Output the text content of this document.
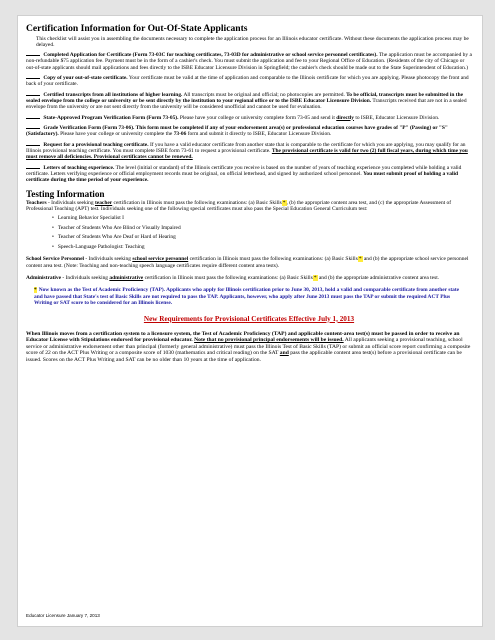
Certification Information for Out-Of-State Applicants

This checklist will assist you in assembling the documents necessary to complete the application process for an Illinois educator certificate. Without these documents the application process may be delayed.

Completed Application for Certificate (Form 73-03C for teaching certificates, 73-03D for administrative or school service personnel certificates). The application must be accompanied by a non-refundable $75 application fee. Payment must be in the form of a cashier's check. You must submit the application and fee to your Regional Office of Education. (Residents of the city of Chicago or out-of-state applicants should mail applications and fees directly to the ISBE Educator Licensure Division in Springfield; the cashier's check should be made out to the State Superintendent of Education.)

Copy of your out-of-state certificate. Your certificate must be valid at the time of application and comparable to the Illinois certificate for which you are applying. Please photocopy the front and back of your certificate.

Certified transcripts from all institutions of higher learning. All transcripts must be original and official; no photocopies are permitted. To be official, transcripts must be submitted in the sealed envelope from the college or university or be sent directly by the institution to your regional office or to the ISBE Educator Licensure Division. Transcripts received that are not in a sealed envelope from the university or are not sent directly from the university will be considered unofficial and cannot be used for evaluation.

State-Approved Program Verification Form (Form 73-05). Please have your college or university complete form 73-05 and send it directly to ISBE, Educator Licensure Division.

Grade Verification Form (Form 73-06). This form must be completed if any of your endorsement area(s) or professional education courses have grades of "P" (Passing) or "S" (Satisfactory). Please have your college or university complete the 73-06 form and submit it directly to ISBE, Educator Licensure Division.

Request for a provisional teaching certificate. If you have a valid educator certificate from another state that is comparable to the certificate for which you are applying, you may qualify for an Illinois provisional teaching certificate. You must complete ISBE form 73-61 to request a provisional certificate. The provisional certificate is valid for two (2) full fiscal years, during which time you must remove all deficiencies. Provisional certificates cannot be renewed.

Letters of teaching experience. The level (initial or standard) of the Illinois certificate you receive is based on the number of years of teaching experience you completed while holding a valid certificate. Letters verifying experience or official employment records must be original, on official letterhead, and signed by authorized school personnel. You must submit proof of holding a valid certificate during the time period of your experience.

Testing Information

Teachers - Individuals seeking teacher certification in Illinois must pass the following examinations: (a) Basic Skills*, (b) the appropriate content area test, and (c) the appropriate Assessment of Professional Teaching (APT) test. Individuals seeking one of the following special certificates must also pass the Special Education General Curriculum test:

• Learning Behavior Specialist I
• Teacher of Students Who Are Blind or Visually Impaired
• Teacher of Students Who Are Deaf or Hard of Hearing
• Speech-Language Pathologist: Teaching

School Service Personnel - Individuals seeking school service personnel certification in Illinois must pass the following examinations: (a) Basic Skills* and (b) the appropriate school service personnel content area test. (Note: Teaching and non-teaching speech language certificates require different content area tests).

Administrative - Individuals seeking administrative certification in Illinois must pass the following examinations: (a) Basic Skills* and (b) the appropriate administrative content area test.

* Now known as the Test of Academic Proficiency (TAP). Applicants who apply for Illinois certification prior to June 30, 2013, hold a valid and comparable certificate from another state and have passed that State's test of Basic Skills are not required to pass the TAP. Applicants, however, who apply after June 2013 must pass the TAP or submit the required ACT Plus Writing or SAT score to be considered for an Illinois license.

New Requirements for Provisional Certificates Effective July 1, 2013

When Illinois moves from a certification system to a licensure system, the Test of Academic Proficiency (TAP) and applicable content-area test(s) must be passed in order to receive an Educator License with Stipulations endorsed for provisional educator. Note that no provisional principal endorsements will be issued. All applicants seeking a provisional teaching, school service or administrative endorsement other than principal (formerly general administrative) must pass the Illinois Test of Basic Skills (TAP) or submit an official score report confirming a composite score of 22 on the ACT Plus Writing or a composite score of 1030 (mathematics and critical reading) on the SAT and pass the applicable content area test(s) before a provisional certificate can be issued. Scores on the ACT Plus Writing and SAT can be no older than 10 years at the time of application.

Educator Licensure January 7, 2013
